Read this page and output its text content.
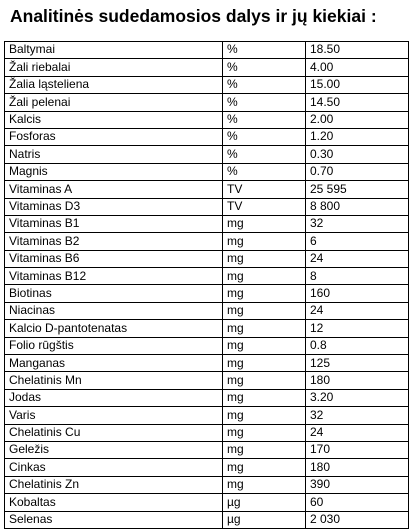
Analitinės sudedamosios dalys ir jų kiekiai :
Baltymai	%	18.50
Žali riebalai	%	4.00
Žalia ląsteliena	%	15.00
Žali pelenai	%	14.50
Kalcis	%	2.00
Fosforas	%	1.20
Natris	%	0.30
Magnis	%	0.70
Vitaminas A	TV	25 595
Vitaminas D3	TV	8 800
Vitaminas B1	mg	32
Vitaminas B2	mg	6
Vitaminas B6	mg	24
Vitaminas B12	mg	8
Biotinas	mg	160
Niacinas	mg	24
Kalcio D-pantotenatas	mg	12
Folio rūgštis	mg	0.8
Manganas	mg	125
Chelatinis Mn	mg	180
Jodas	mg	3.20
Varis	mg	32
Chelatinis Cu	mg	24
Geležis	mg	170
Cinkas	mg	180
Chelatinis Zn	mg	390
Kobaltas	µg	60
Selenas	µg	2 030
